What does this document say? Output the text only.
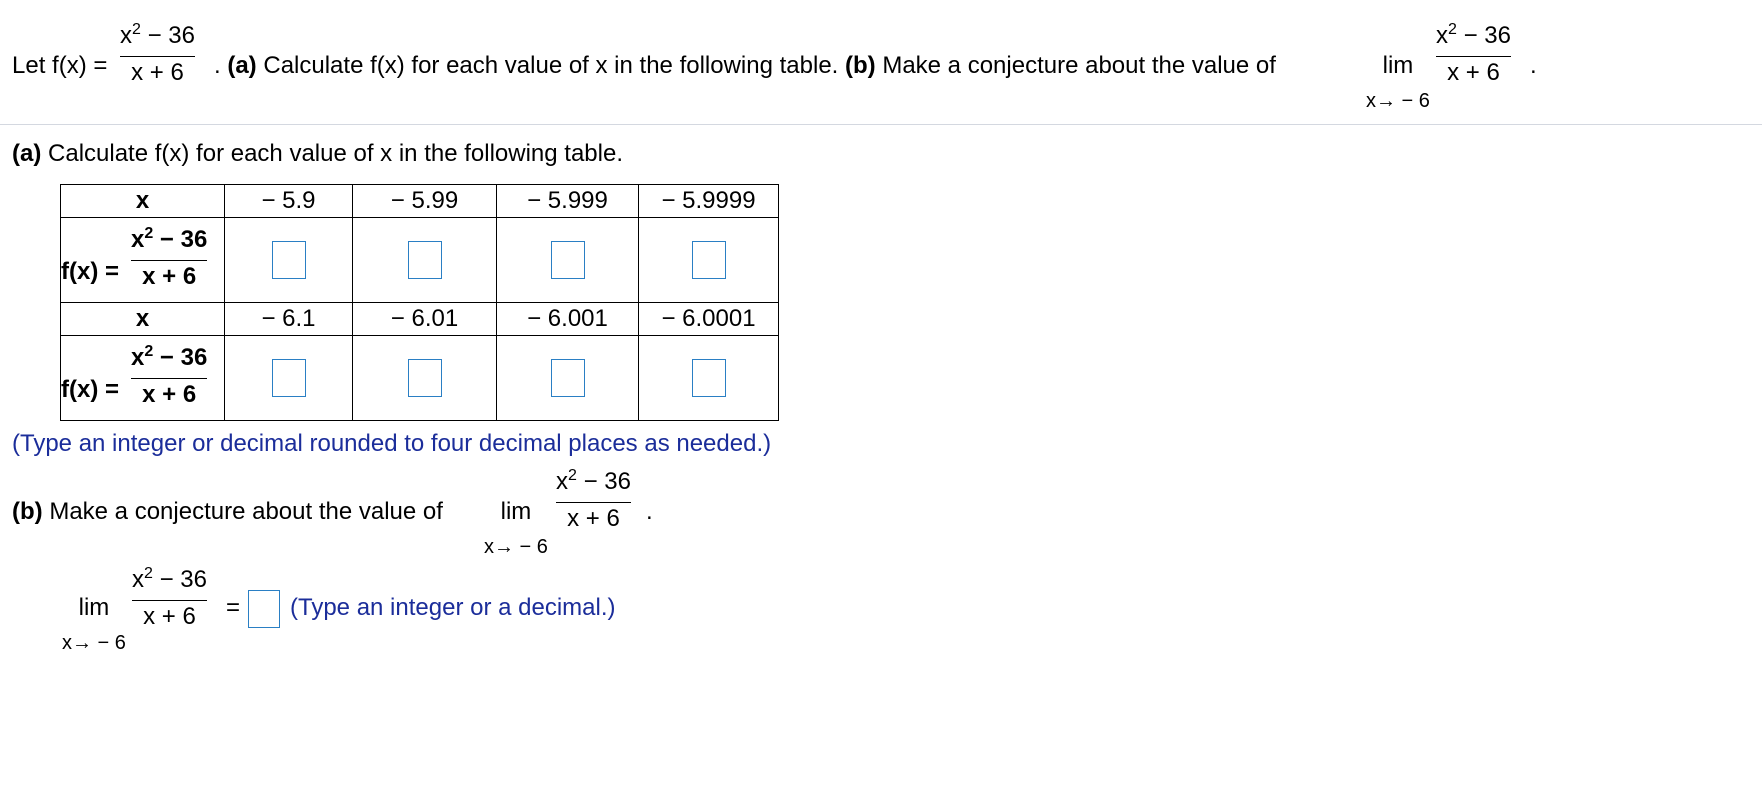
Let f(x) =
$x^2 - 36$
x + 6 . (a) Calculate f(x) for each value of x in the following table. (b) Make a conjecture about the value of	lim
x→ − 6
$x^2 - 36$
x + 6 .
(a) Calculate f(x) for each value of x in the following table.
x	− 5.9	− 5.99	− 5.999	− 5.9999

f(x) =
$x^2 - 36$
x + 6				

x	− 6.1	− 6.01	− 6.001	− 6.0001

f(x) =
$x^2 - 36$
x + 6				

(Type an integer or decimal rounded to four decimal places as needed.)
(b) Make a conjecture about the value of lim
x→ − 6
$x^2 - 36$
x + 6 .
lim
x→ − 6
$x^2 - 36$
x + 6 = (Type an integer or a decimal.)
